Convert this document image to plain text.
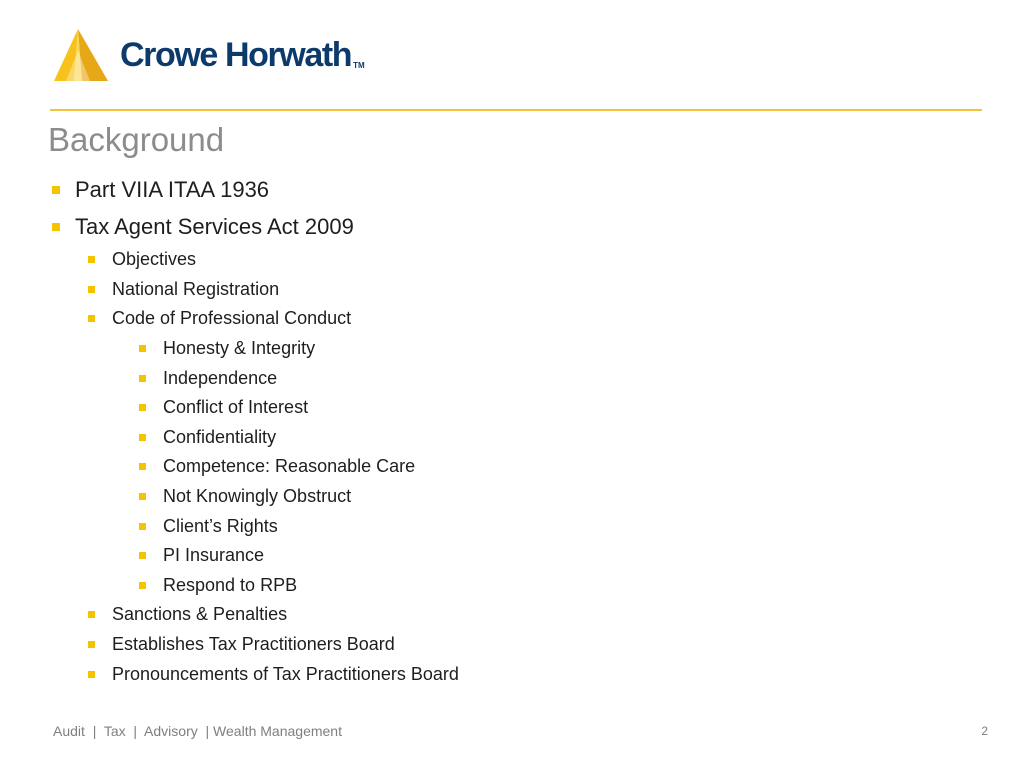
Crowe Horwath TM
Background
Part VIIA ITAA 1936
Tax Agent Services Act 2009
Objectives
National Registration
Code of Professional Conduct
Honesty & Integrity
Independence
Conflict of Interest
Confidentiality
Competence: Reasonable Care
Not Knowingly Obstruct
Client’s Rights
PI Insurance
Respond to RPB
Sanctions & Penalties
Establishes Tax Practitioners Board
Pronouncements of Tax Practitioners Board
Audit  |  Tax  |  Advisory  | Wealth Management	2
